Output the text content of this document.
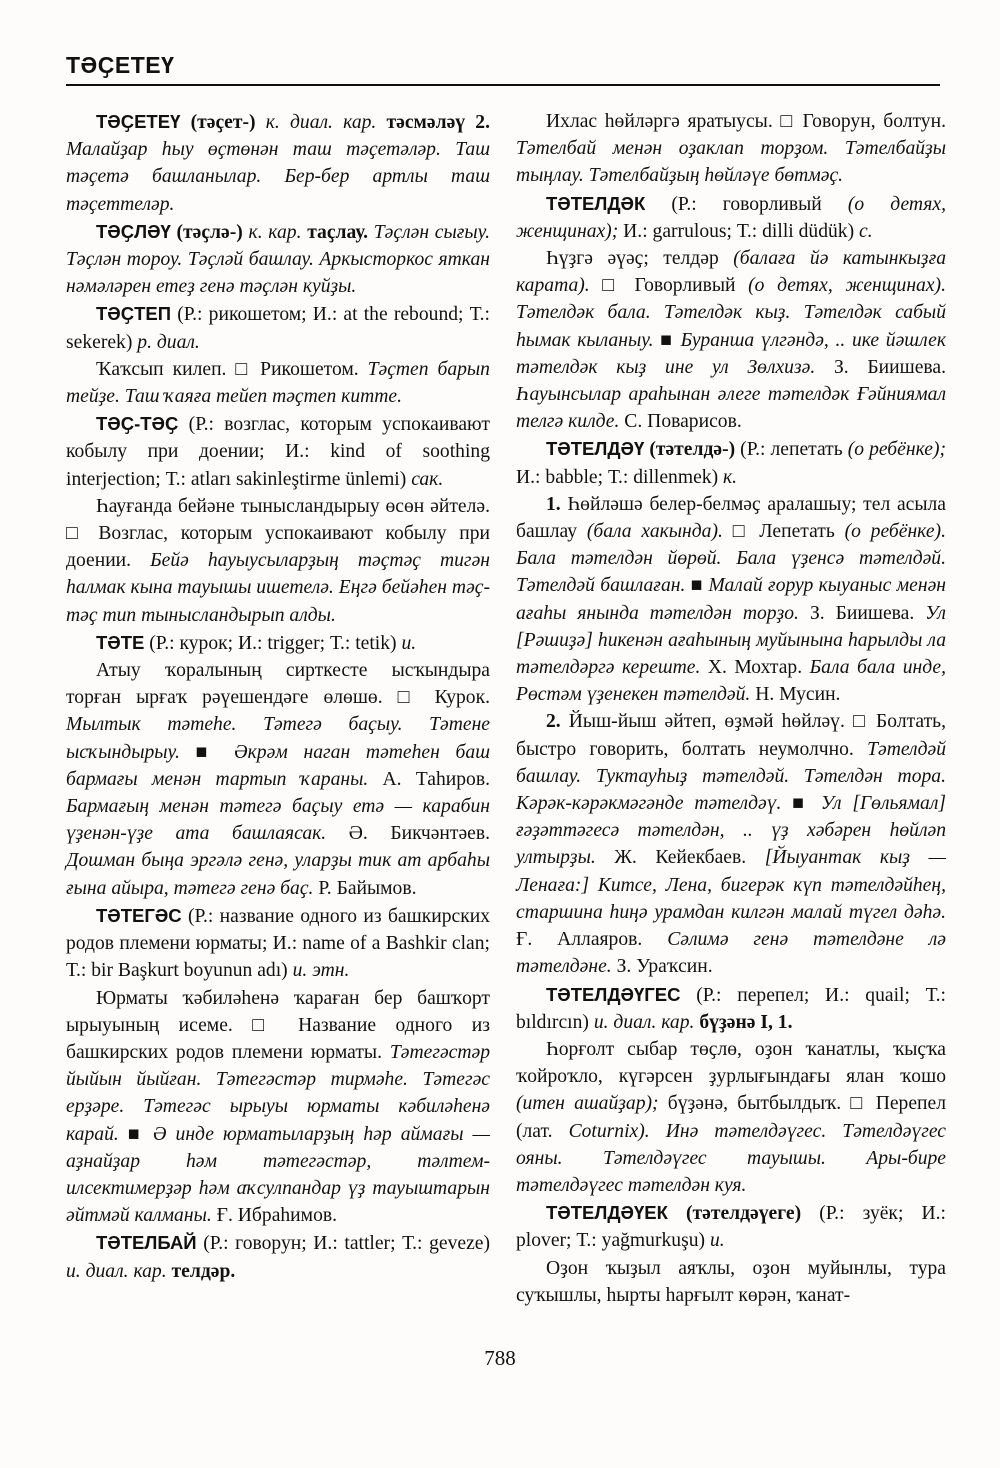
ТӘҪЕТЕҮ

ТӘҪЕТЕҮ (тәҫет-) к. диал. кар. тәсмәләү 2. Малайҙар һыу өҫтөнән таш тәҫетәләр. Таш тәҫетә башланылар. Бер-бер артлы таш тәҫеттеләр.

ТӘҪЛӘҮ (тәҫлә-) к. кар. таҫлау. Тәҫлән сығыу. Тәҫлән тороу. Тәҫләй башлау. Аркысторкос яткан нәмәләрен етеҙ генә тәҫлән куйҙы.

ТӘҪТЕП (Р.: рикошетом; И.: at the rebound; Т.: sekerek) р. диал.

Ҡаҡсып килеп. □ Рикошетом. Тәҫтеп барып тейҙе. Таш ҡаяға тейеп тәҫтеп китте.

ТӘҪ-ТӘҪ (Р.: возглас, которым успокаивают кобылу при доении; И.: kind of soothing interjection; Т.: atları sakinleştirme ünlemi) сак.

Һауғанда бейәне тынысландырыу өсөн әйтелә. □ Возглас, которым успокаивают кобылу при доении. Бейә һауыусыларҙың тәҫтәҫ тигән һалмак кына тауышы ишетелә. Еңгә бейәһен тәҫ-тәҫ тип тынысландырып алды.

ТӘТЕ (Р.: курок; И.: trigger; Т.: tetik) и.

Атыу ҡоралының сирткесте ысҡындыра торған ырғаҡ рәүешендәге өлөшө. □ Курок. Мылтык тәтеһе. Тәтегә баҫыу. Тәтене ысҡындырыу. ■ Әкрәм наган тәтеһен баш бармағы менән тартып ҡараны. А. Таһиров. Бармағың менән тәтегә баҫыу етә — карабин үҙенән-үҙе ата башлаясак. Ә. Бикчәнтәев. Дошман быңа эргәлә генә, уларҙы тик ат арбаһы ғына айыра, тәтегә генә баҫ. Р. Байымов.

ТӘТЕГӘС (Р.: название одного из башкирских родов племени юрматы; И.: name of a Bashkir clan; Т.: bir Başkurt boyunun adı) и. этн.

Юрматы ҡәбиләһенә ҡараған бер башҡорт ырыуының исеме. □ Название одного из башкирских родов племени юрматы. Тәтегәстәр йыйын йыйған. Тәтегәстәр тирмәһе. Тәтегәс ерҙәре. Тәтегәс ырыуы юрматы кәбиләһенә карай. ■ Ә инде юрматыларҙың һәр аймағы — аҙнайҙар һәм тәтегәстәр, тәлтем-илсектимерҙәр һәм аҡсулпандар үҙ тауыштарын әйтмәй калманы. Ғ. Ибраһимов.

ТӘТЕЛБАЙ (Р.: говорун; И.: tattler; Т.: geveze) и. диал. кар. телдәр.

Ихлас һөйләргә яратыусы. □ Говорун, болтун. Тәтелбай менән оҙаклап торҙом. Тәтелбайҙы тыңлау. Тәтелбайҙың һөйләүе бөтмәҫ.

ТӘТЕЛДӘК (Р.: говорливый (о детях, женщинах); И.: garrulous; Т.: dilli düdük) с.

Һүҙгә әүәҫ; телдәр (балаға йә катынкыҙға карата). □ Говорливый (о детях, женщинах). Тәтелдәк бала. Тәтелдәк кыҙ. Тәтелдәк сабый һымак кыланыу. ■ Буранша үлгәндә, .. ике йәшлек тәтелдәк кыҙ ине ул Зөлхизә. З. Биишева. Һауынсылар араһынан әлеге тәтелдәк Ғәйниямал телгә килде. С. Поварисов.

ТӘТЕЛДӘҮ (тәтелдә-) (Р.: лепетать (о ребёнке); И.: babble; Т.: dillenmek) к.

1. Һөйләшә белер-белмәҫ аралашыу; тел асыла башлау (бала хакында). □ Лепетать (о ребёнке). Бала тәтелдән йөрөй. Бала үҙенсә тәтелдәй. Тәтелдәй башлаған. ■ Малай ғорур кыуаныс менән ағаһы янында тәтелдән торҙо. З. Биишева. Ул [Рәшиҙә] һикенән ағаһының муйынына һарылды ла тәтелдәргә кереште. Х. Мохтар. Бала бала инде, Рөстәм үҙенекен тәтелдәй. Н. Мусин.

2. Йыш-йыш әйтеп, өҙмәй һөйләү. □ Болтать, быстро говорить, болтать неумолчно. Тәтелдәй башлау. Туктауһыҙ тәтелдәй. Тәтелдән тора. Кәрәк-кәрәкмәгәнде тәтелдәү. ■ Ул [Гөльямал] ғәҙәттәгесә тәтелдән, .. үҙ хәбәрен һөйләп ултырҙы. Ж. Кейекбаев. [Йыуантак кыҙ — Ленаға:] Китсе, Лена, бигерәк күп тәтелдәйһең, старшина һиңә урамдан килгән малай түгел дәһә. Ғ. Аллаяров. Сәлимә генә тәтелдәне лә тәтелдәне. З. Ураҡсин.

ТӘТЕЛДӘҮГЕС (Р.: перепел; И.: quail; Т.: bıldırcın) и. диал. кар. бүҙәнә I, 1.

Һорғолт сыбар төҫлө, оҙон ҡанатлы, ҡыҫҡа ҡойроҡло, күгәрсен ҙурлығындағы ялан ҡошо (итен ашайҙар); бүҙәнә, бытбылдыҡ. □ Перепел (лат. Coturnix). Инә тәтелдәүгес. Тәтелдәүгес ояны. Тәтелдәүгес тауышы. Ары-бире тәтелдәүгес тәтелдән куя.

ТӘТЕЛДӘҮЕК (тәтелдәүеге) (Р.: зуёк; И.: plover; Т.: yağmurkuşu) и.

Оҙон ҡыҙыл аяҡлы, оҙон муйынлы, тура суҡышлы, һырты һарғылт көрән, ҡанат-

788
